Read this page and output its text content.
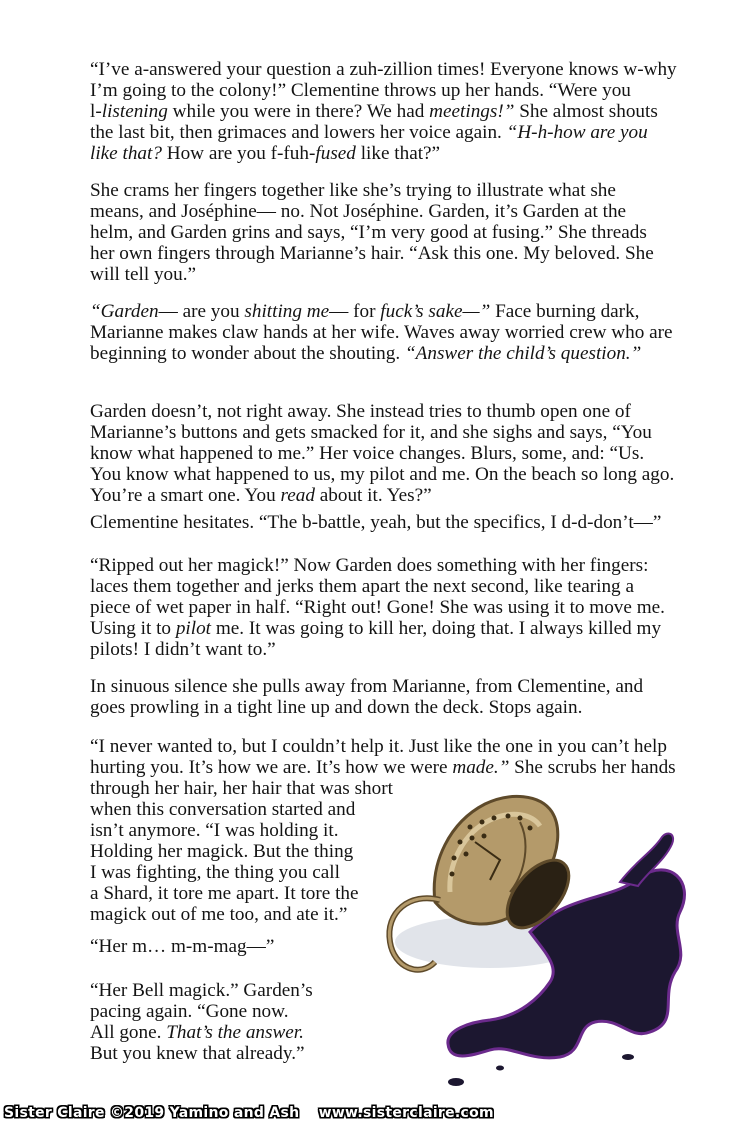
“I’ve a-answered your question a zuh-zillion times! Everyone knows w-why
I’m going to the colony!” Clementine throws up her hands. “Were you
l-listening while you were in there? We had meetings!” She almost shouts
the last bit, then grimaces and lowers her voice again. “H-h-how are you
like that? How are you f-fuh-fused like that?”
She crams her fingers together like she’s trying to illustrate what she
means, and Joséphine— no. Not Joséphine. Garden, it’s Garden at the
helm, and Garden grins and says, “I’m very good at fusing.” She threads
her own fingers through Marianne’s hair. “Ask this one. My beloved. She
will tell you.”
“Garden— are you shitting me— for fuck’s sake—” Face burning dark,
Marianne makes claw hands at her wife. Waves away worried crew who are
beginning to wonder about the shouting. “Answer the child’s question.”
Garden doesn’t, not right away. She instead tries to thumb open one of
Marianne’s buttons and gets smacked for it, and she sighs and says, “You
know what happened to me.” Her voice changes. Blurs, some, and: “Us.
You know what happened to us, my pilot and me. On the beach so long ago.
You’re a smart one. You read about it. Yes?”
Clementine hesitates. “The b-battle, yeah, but the specifics, I d-d-don’t—”
“Ripped out her magick!” Now Garden does something with her fingers:
laces them together and jerks them apart the next second, like tearing a
piece of wet paper in half. “Right out! Gone! She was using it to move me.
Using it to pilot me. It was going to kill her, doing that. I always killed my
pilots! I didn’t want to.”
In sinuous silence she pulls away from Marianne, from Clementine, and
goes prowling in a tight line up and down the deck. Stops again.
“I never wanted to, but I couldn’t help it. Just like the one in you can’t help
hurting you. It’s how we are. It’s how we were made.” She scrubs her hands
through her hair, her hair that was short
when this conversation started and
isn’t anymore. “I was holding it.
Holding her magick. But the thing
I was fighting, the thing you call
a Shard, it tore me apart. It tore the
magick out of me too, and ate it.”
“Her m… m-m-mag—”
“Her Bell magick.” Garden’s
pacing again. “Gone now.
All gone. That’s the answer.
But you knew that already.”
Sister Claire ©2019 Yamino and Ash www.sisterclaire.com
